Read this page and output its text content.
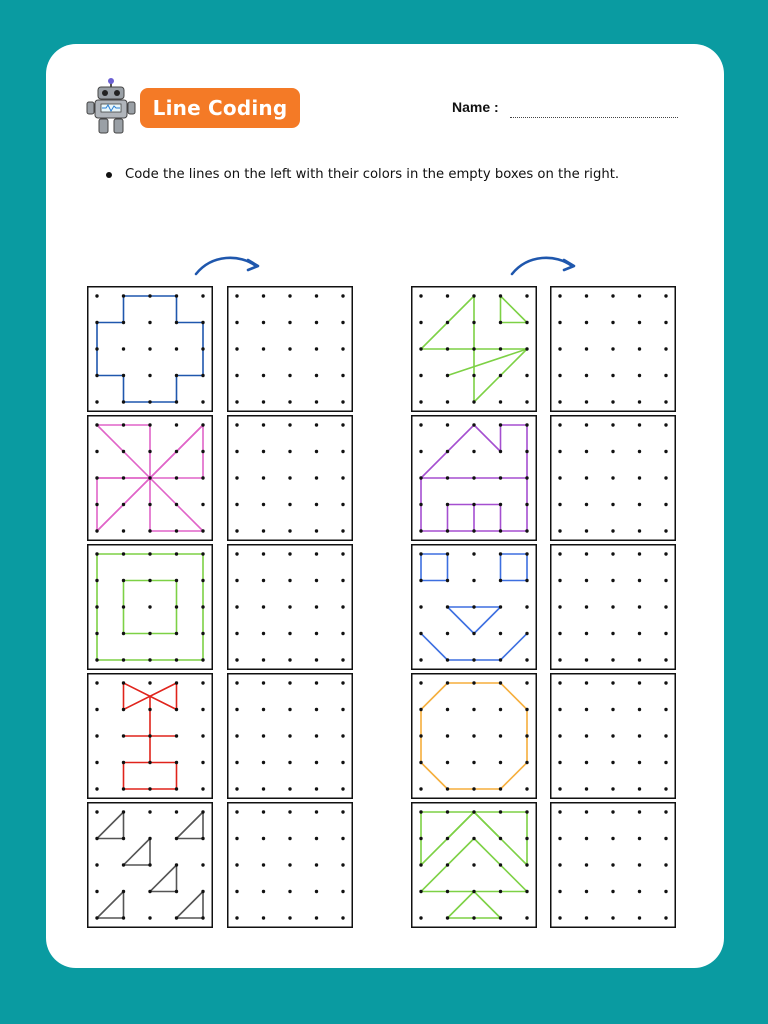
Line Coding	Name :
Code the lines on the left with their colors in the empty boxes on the right.
